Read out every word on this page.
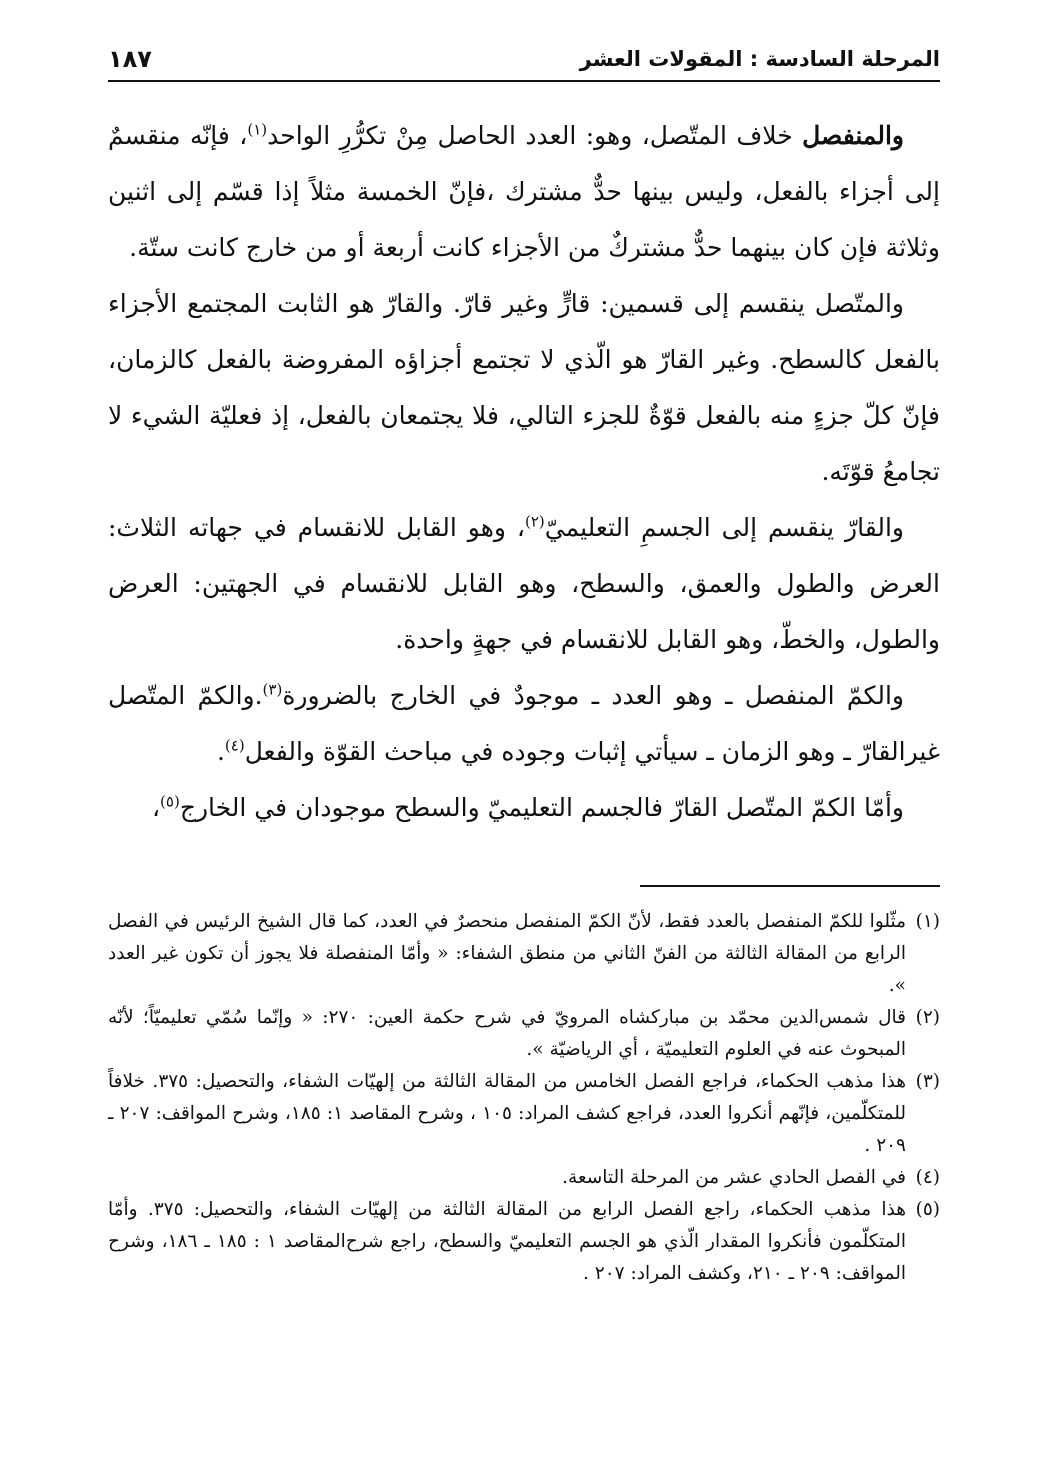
المرحلة السادسة : المقولات العشر
١٨٧

والمنفصل خلاف المتّصل، وهو: العدد الحاصل مِنْ تكرُّرِ الواحد$^{(١)}$، فإنّه منقسمٌ إلى أجزاء بالفعل، وليس بينها حدٌّ مشترك ،فإنّ الخمسة مثلاً إذا قسّم إلى اثنين وثلاثة فإن كان بينهما حدٌّ مشتركٌ من الأجزاء كانت أربعة أو من خارج كانت ستّة.

والمتّصل ينقسم إلى قسمين: قارٍّ وغير قارّ. والقارّ هو الثابت المجتمع الأجزاء بالفعل كالسطح. وغير القارّ هو الّذي لا تجتمع أجزاؤه المفروضة بالفعل كالزمان، فإنّ كلّ جزءٍ منه بالفعل قوّةٌ للجزء التالي، فلا يجتمعان بالفعل، إذ فعليّة الشيء لا تجامعُ قوّتَه.

والقارّ ينقسم إلى الجسمِ التعليميّ$^{(٢)}$، وهو القابل للانقسام في جهاته الثلاث: العرض والطول والعمق، والسطح، وهو القابل للانقسام في الجهتين: العرض والطول، والخطّ، وهو القابل للانقسام في جهةٍ واحدة.

والكمّ المنفصل ـ وهو العدد ـ موجودٌ في الخارج بالضرورة$^{(٣)}$.والكمّ المتّصل غيرالقارّ ـ وهو الزمان ـ سيأتي إثبات وجوده في مباحث القوّة والفعل$^{(٤)}$.

وأمّا الكمّ المتّصل القارّ فالجسم التعليميّ والسطح موجودان في الخارج$^{(٥)}$،

(١)
مثّلوا للكمّ المنفصل بالعدد فقط، لأنّ الكمّ المنفصل منحصرٌ في العدد، كما قال الشيخ الرئيس في الفصل الرابع من المقالة الثالثة من الفنّ الثاني من منطق الشفاء: « وأمّا المنفصلة فلا يجوز أن تكون غير العدد ».
(٢)
قال شمس‌الدين محمّد بن مباركشاه المرويّ في شرح حكمة العين: ٢٧٠: « وإنّما سُمّي تعليميّاً؛ لأنّه المبحوث عنه في العلوم التعليميّة ، أي الرياضيّة ».
(٣)
هذا مذهب الحكماء، فراجع الفصل الخامس من المقالة الثالثة من إلهيّات الشفاء، والتحصيل: ٣٧٥. خلافاً للمتكلّمين، فإنّهم أنكروا العدد، فراجع كشف المراد: ١٠٥ ، وشرح المقاصد ١: ١٨٥، وشرح المواقف: ٢٠٧ ـ ٢٠٩ .
(٤)
في الفصل الحادي عشر من المرحلة التاسعة.
(٥)
هذا مذهب الحكماء، راجع الفصل الرابع من المقالة الثالثة من إلهيّات الشفاء، والتحصيل: ٣٧٥. وأمّا المتكلّمون فأنكروا المقدار الّذي هو الجسم التعليميّ والسطح، راجع شرح‌المقاصد ١ : ١٨٥ ـ ١٨٦، وشرح المواقف: ٢٠٩ ـ ٢١٠، وكشف المراد: ٢٠٧ .
